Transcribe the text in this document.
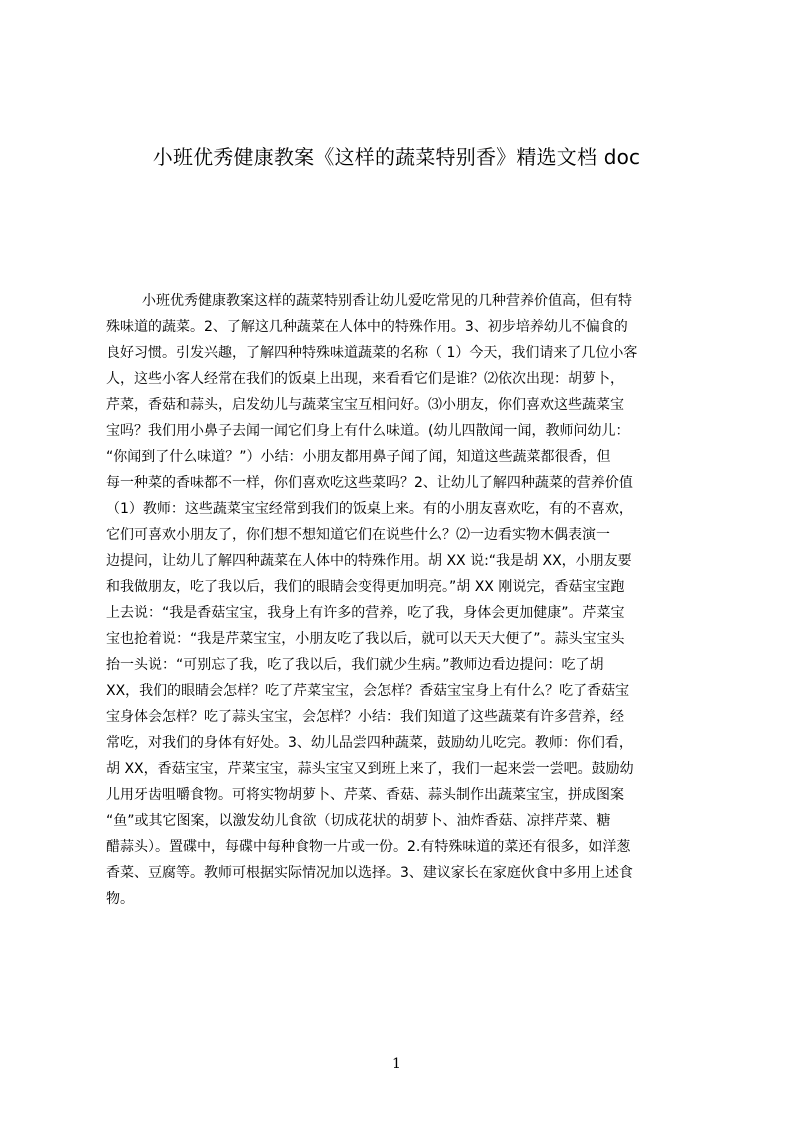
小班优秀健康教案《这样的蔬菜特别香》精选文档 doc
小班优秀健康教案这样的蔬菜特别香让幼儿爱吃常见的几种营养价值高，但有特
殊味道的蔬菜。2、了解这几种蔬菜在人体中的特殊作用。3、初步培养幼儿不偏食的
良好习惯。引发兴趣，了解四种特殊味道蔬菜的名称（ 1）今天，我们请来了几位小客
人，这些小客人经常在我们的饭桌上出现，来看看它们是谁？⑵依次出现：胡萝卜，
芹菜，香菇和蒜头，启发幼儿与蔬菜宝宝互相问好。⑶小朋友，你们喜欢这些蔬菜宝
宝吗？我们用小鼻子去闻一闻它们身上有什么味道。(幼儿四散闻一闻，教师问幼儿：
“你闻到了什么味道？”）小结：小朋友都用鼻子闻了闻，知道这些蔬菜都很香，但
每一种菜的香味都不一样，你们喜欢吃这些菜吗？2、让幼儿了解四种蔬菜的营养价值
（1）教师：这些蔬菜宝宝经常到我们的饭桌上来。有的小朋友喜欢吃，有的不喜欢，
它们可喜欢小朋友了，你们想不想知道它们在说些什么？⑵一边看实物木偶表演一
边提问，让幼儿了解四种蔬菜在人体中的特殊作用。胡 XX 说:“我是胡 XX，小朋友要
和我做朋友，吃了我以后，我们的眼睛会变得更加明亮。”胡 XX 刚说完，香菇宝宝跑
上去说：“我是香菇宝宝，我身上有许多的营养，吃了我，身体会更加健康”。芹菜宝
宝也抢着说：“我是芹菜宝宝，小朋友吃了我以后，就可以天天大便了”。蒜头宝宝头
抬一头说：“可别忘了我，吃了我以后，我们就少生病。”教师边看边提问：吃了胡
XX，我们的眼睛会怎样？吃了芹菜宝宝，会怎样？香菇宝宝身上有什么？吃了香菇宝
宝身体会怎样？吃了蒜头宝宝，会怎样？小结：我们知道了这些蔬菜有许多营养，经
常吃，对我们的身体有好处。3、幼儿品尝四种蔬菜，鼓励幼儿吃完。教师：你们看，
胡 XX，香菇宝宝，芹菜宝宝，蒜头宝宝又到班上来了，我们一起来尝一尝吧。鼓励幼
儿用牙齿咀嚼食物。可将实物胡萝卜、芹菜、香菇、蒜头制作出蔬菜宝宝，拼成图案
“鱼”或其它图案，以激发幼儿食欲（切成花状的胡萝卜、油炸香菇、凉拌芹菜、糖
醋蒜头）。置碟中，每碟中每种食物一片或一份。2.有特殊味道的菜还有很多，如洋葱
香菜、豆腐等。教师可根据实际情况加以选择。3、建议家长在家庭伙食中多用上述食
物。
1
